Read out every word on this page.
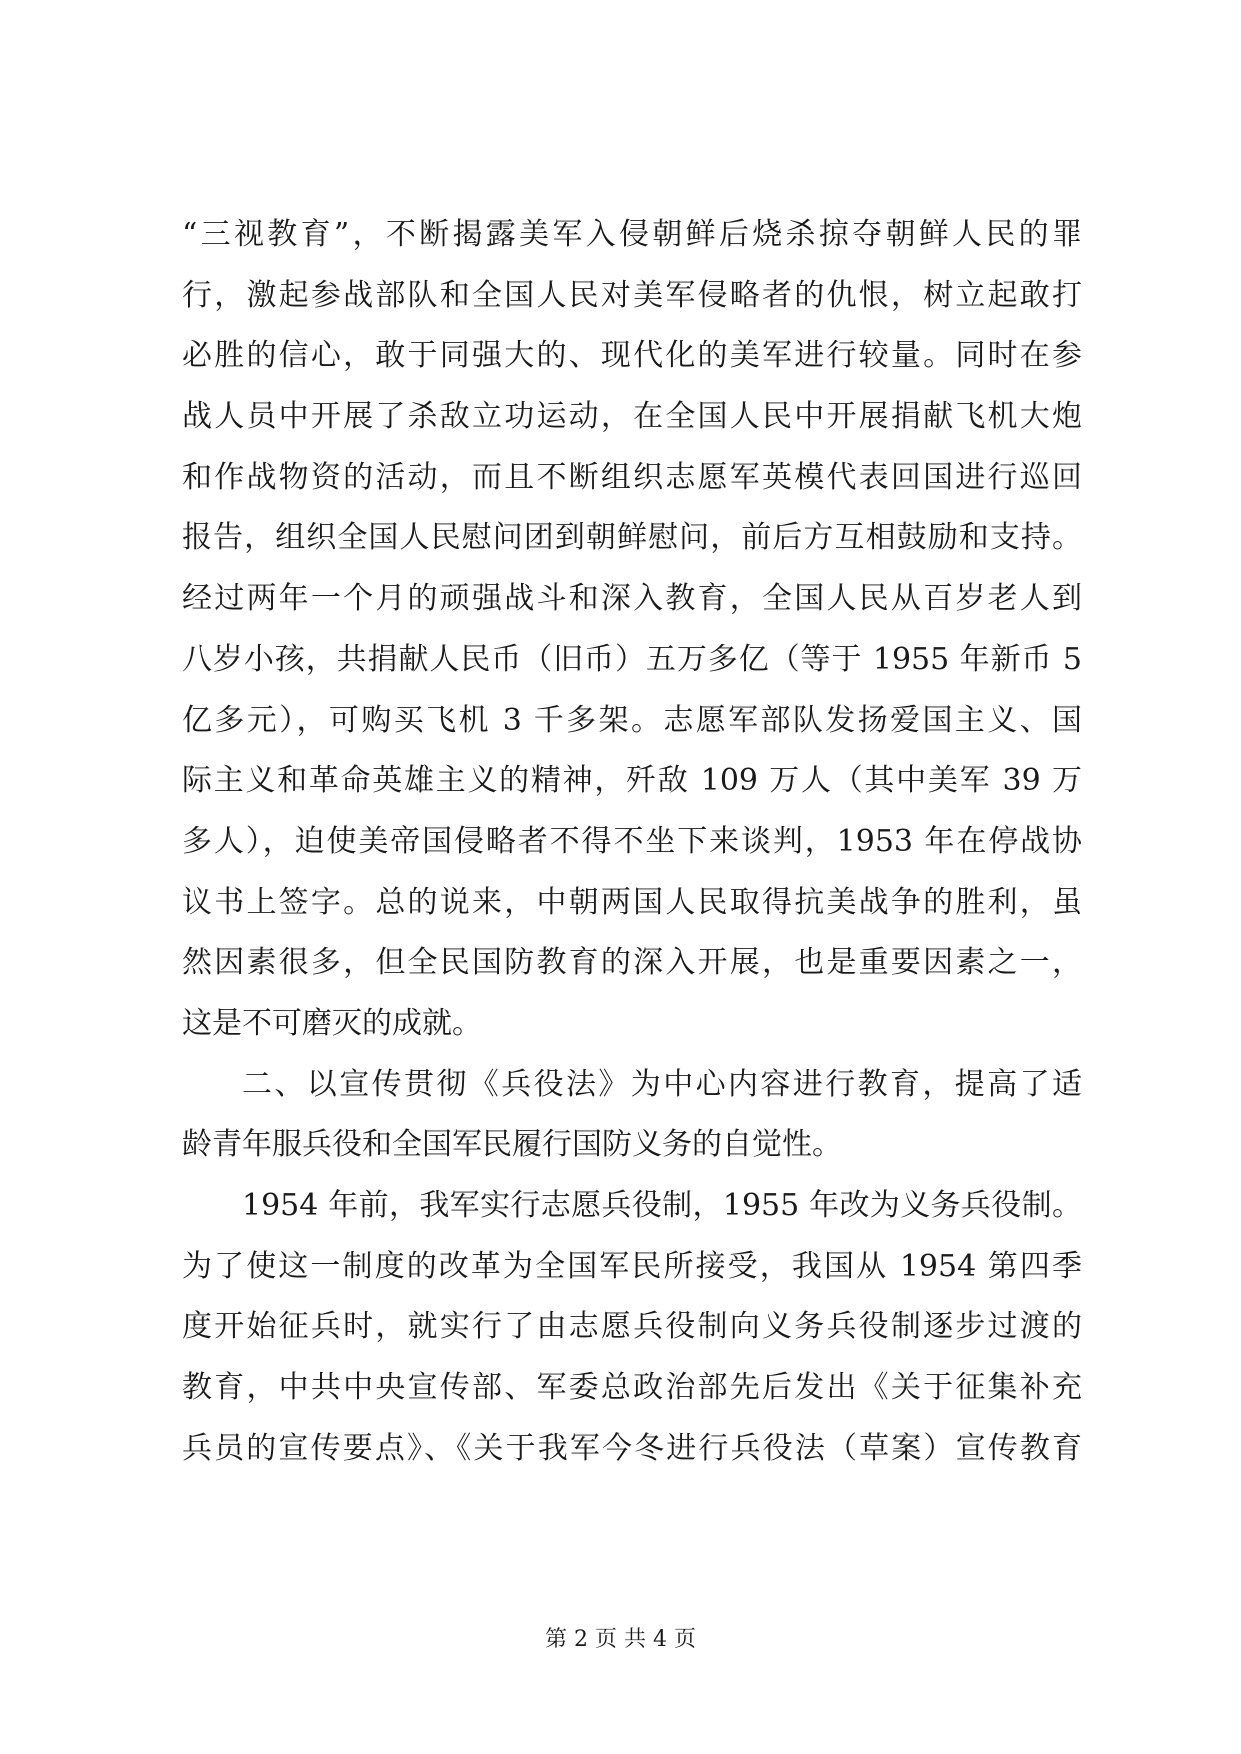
“三视教育”，不断揭露美军入侵朝鲜后烧杀掠夺朝鲜人民的罪
行，激起参战部队和全国人民对美军侵略者的仇恨，树立起敢打
必胜的信心，敢于同强大的、现代化的美军进行较量。同时在参
战人员中开展了杀敌立功运动，在全国人民中开展捐献飞机大炮
和作战物资的活动，而且不断组织志愿军英模代表回国进行巡回
报告，组织全国人民慰问团到朝鲜慰问，前后方互相鼓励和支持。
经过两年一个月的顽强战斗和深入教育，全国人民从百岁老人到
八岁小孩，共捐献人民币（旧币）五万多亿（等于 1955 年新币 5
亿多元），可购买飞机 3 千多架。志愿军部队发扬爱国主义、国
际主义和革命英雄主义的精神，歼敌 109 万人（其中美军 39 万
多人），迫使美帝国侵略者不得不坐下来谈判，1953 年在停战协
议书上签字。总的说来，中朝两国人民取得抗美战争的胜利，虽
然因素很多，但全民国防教育的深入开展，也是重要因素之一，
这是不可磨灭的成就。
二、以宣传贯彻《兵役法》为中心内容进行教育，提高了适
龄青年服兵役和全国军民履行国防义务的自觉性。
1954 年前，我军实行志愿兵役制，1955 年改为义务兵役制。
为了使这一制度的改革为全国军民所接受，我国从 1954 第四季
度开始征兵时，就实行了由志愿兵役制向义务兵役制逐步过渡的
教育，中共中央宣传部、军委总政治部先后发出《关于征集补充
兵员的宣传要点》、《关于我军今冬进行兵役法（草案）宣传教育
第 2 页 共 4 页
